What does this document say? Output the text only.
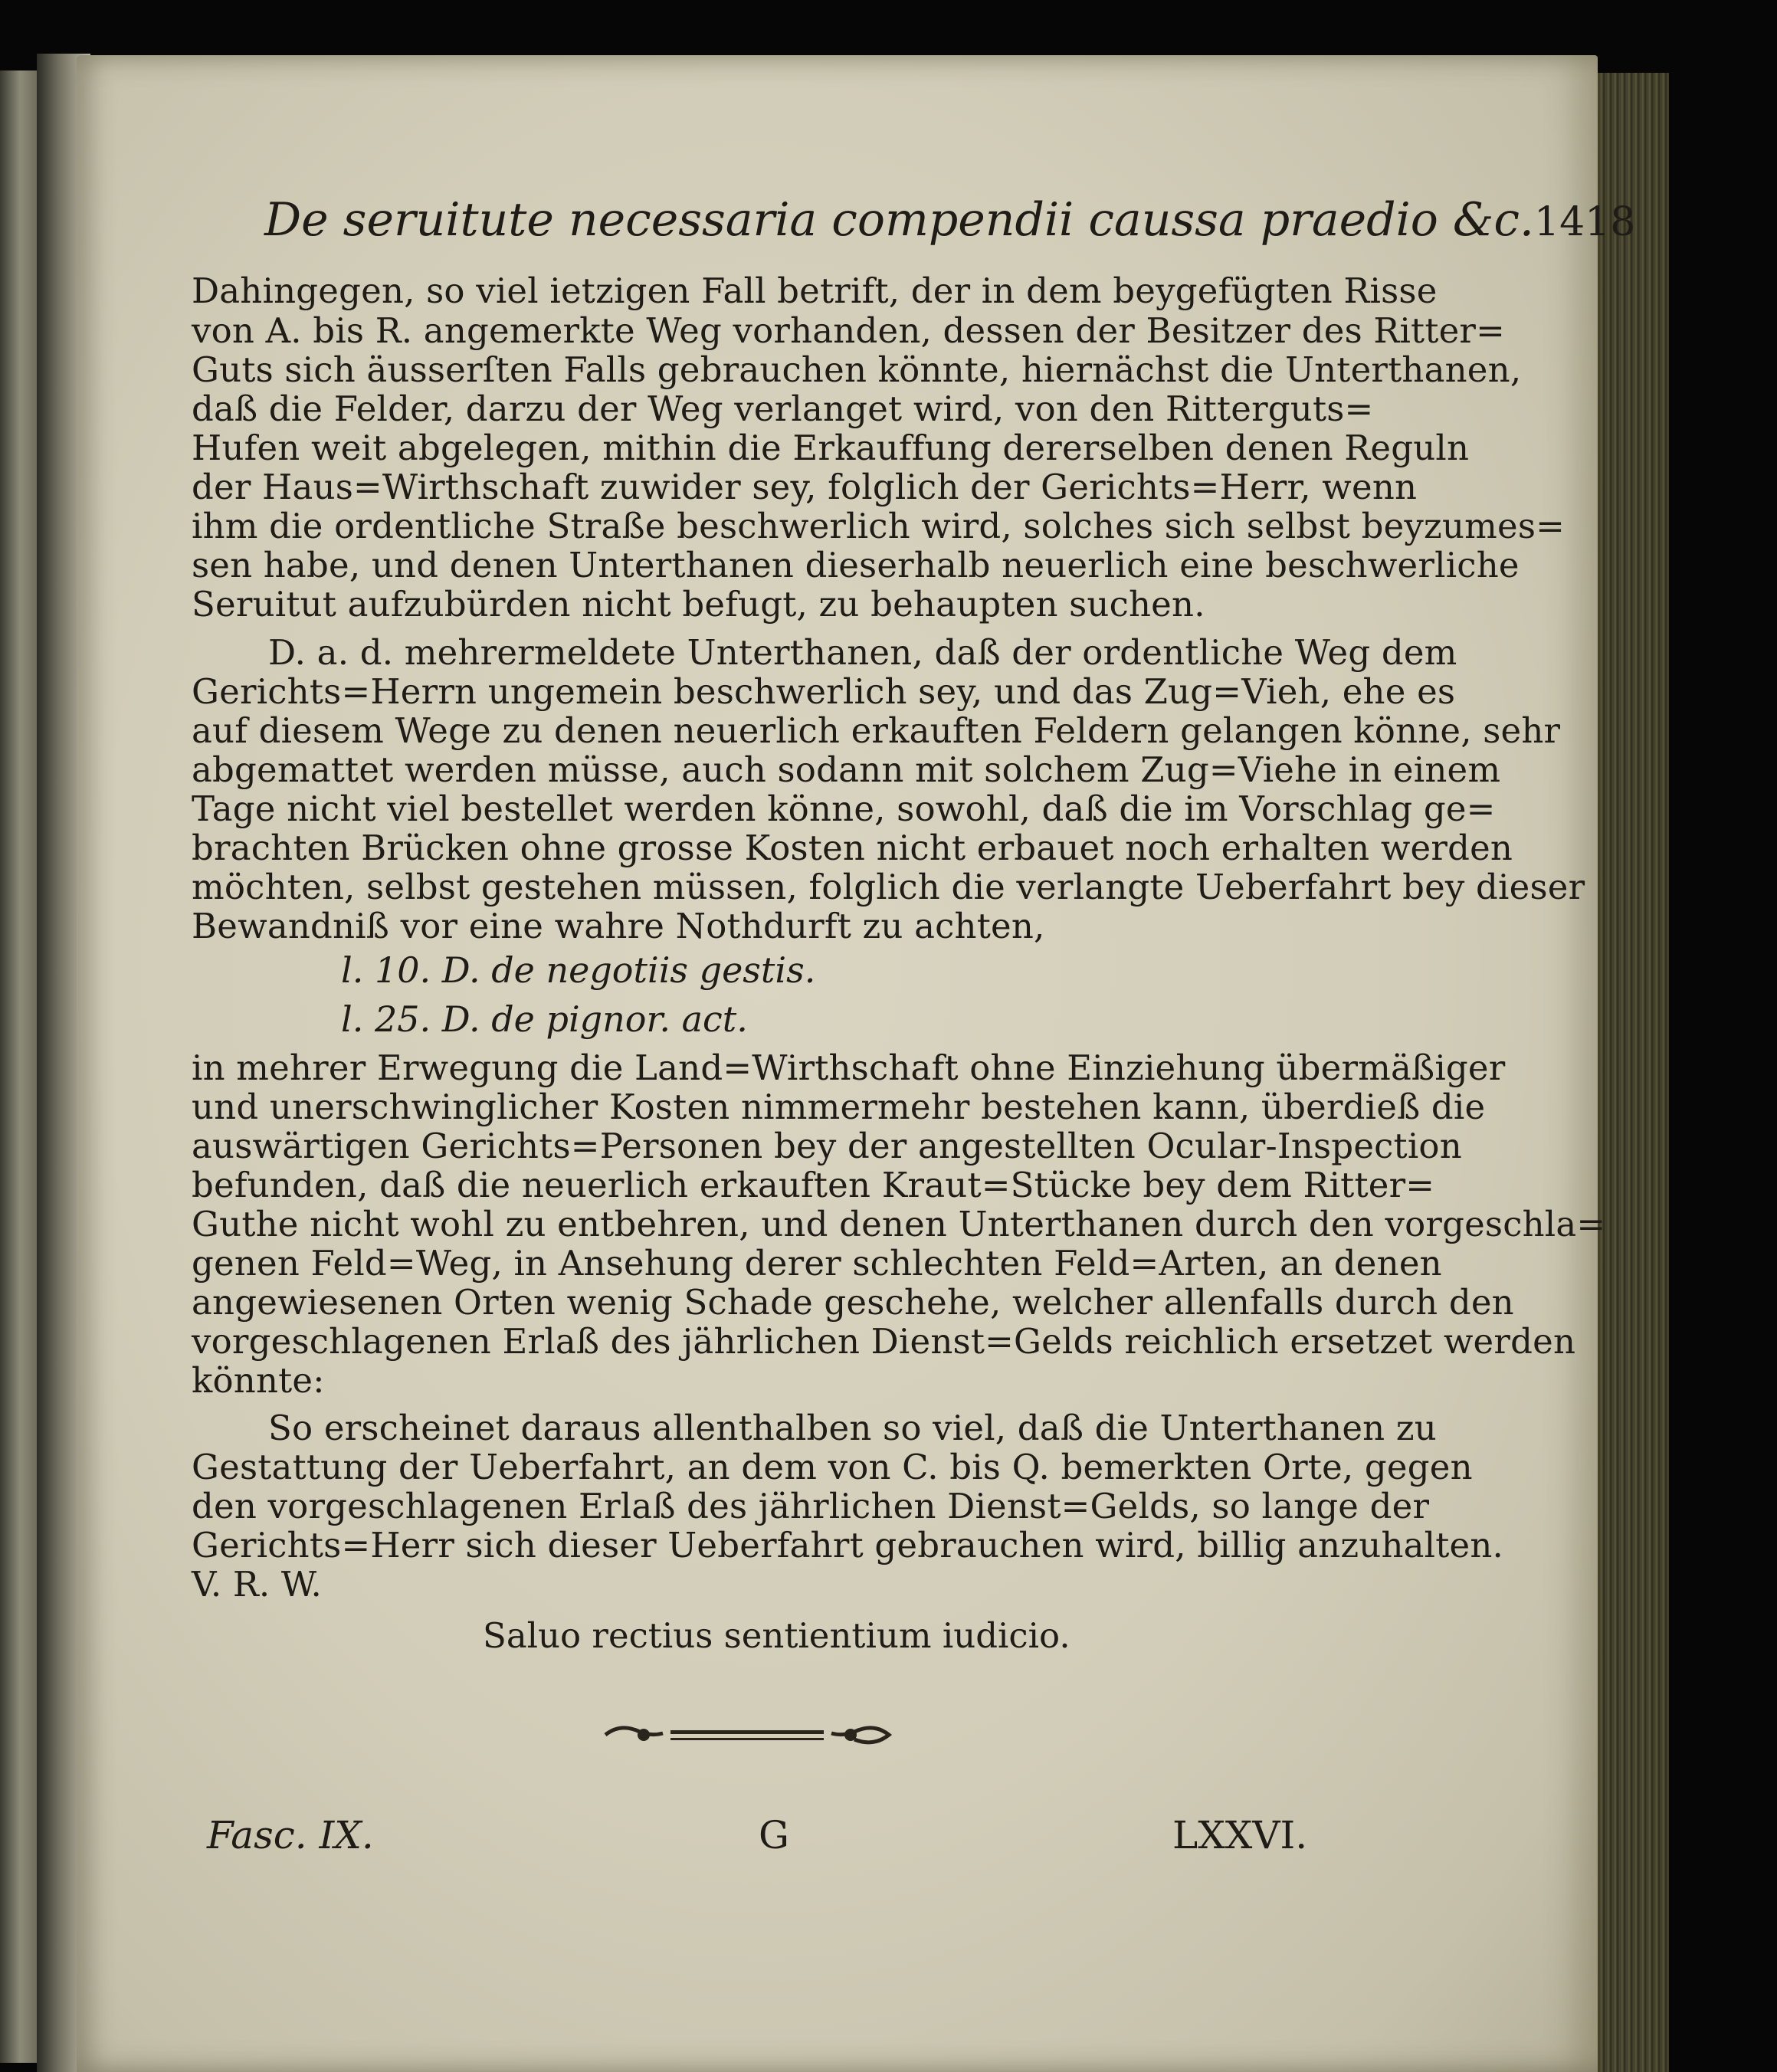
De seruitute necessaria compendii caussa praedio &c. 1418
Dahingegen, so viel ietzigen Fall betrift, der in dem beygefügten Risse
von A. bis R. angemerkte Weg vorhanden, dessen der Besitzer des Ritter=
Guts sich äusserſten Falls gebrauchen könnte, hiernächst die Unterthanen,
daß die Felder, darzu der Weg verlanget wird, von den Ritterguts=
Hufen weit abgelegen, mithin die Erkauffung dererselben denen Reguln
der Haus=Wirthschaft zuwider sey, folglich der Gerichts=Herr, wenn
ihm die ordentliche Straße beschwerlich wird, solches sich selbst beyzumes=
sen habe, und denen Unterthanen dieserhalb neuerlich eine beschwerliche
Seruitut aufzubürden nicht befugt, zu behaupten suchen.
D. a. d. mehrermeldete Unterthanen, daß der ordentliche Weg dem
Gerichts=Herrn ungemein beschwerlich sey, und das Zug=Vieh, ehe es
auf diesem Wege zu denen neuerlich erkauften Feldern gelangen könne, sehr
abgemattet werden müsse, auch sodann mit solchem Zug=Viehe in einem
Tage nicht viel bestellet werden könne, sowohl, daß die im Vorschlag ge=
brachten Brücken ohne grosse Kosten nicht erbauet noch erhalten werden
möchten, selbst gestehen müssen, folglich die verlangte Ueberfahrt bey dieser
Bewandniß vor eine wahre Nothdurft zu achten,
l. 10. D. de negotiis gestis.
l. 25. D. de pignor. act.
in mehrer Erwegung die Land=Wirthschaft ohne Einziehung übermäßiger
und unerschwinglicher Kosten nimmermehr bestehen kann, überdieß die
auswärtigen Gerichts=Personen bey der angestellten Ocular-Inspection
befunden, daß die neuerlich erkauften Kraut=Stücke bey dem Ritter=
Guthe nicht wohl zu entbehren, und denen Unterthanen durch den vorgeschla=
genen Feld=Weg, in Ansehung derer schlechten Feld=Arten, an denen
angewiesenen Orten wenig Schade geschehe, welcher allenfalls durch den
vorgeschlagenen Erlaß des jährlichen Dienst=Gelds reichlich ersetzet werden
könnte:
So erscheinet daraus allenthalben so viel, daß die Unterthanen zu
Gestattung der Ueberfahrt, an dem von C. bis Q. bemerkten Orte, gegen
den vorgeschlagenen Erlaß des jährlichen Dienst=Gelds, so lange der
Gerichts=Herr sich dieser Ueberfahrt gebrauchen wird, billig anzuhalten.
V. R. W.
Saluo rectius sentientium iudicio.
Fasc. IX.	G	LXXVI.
